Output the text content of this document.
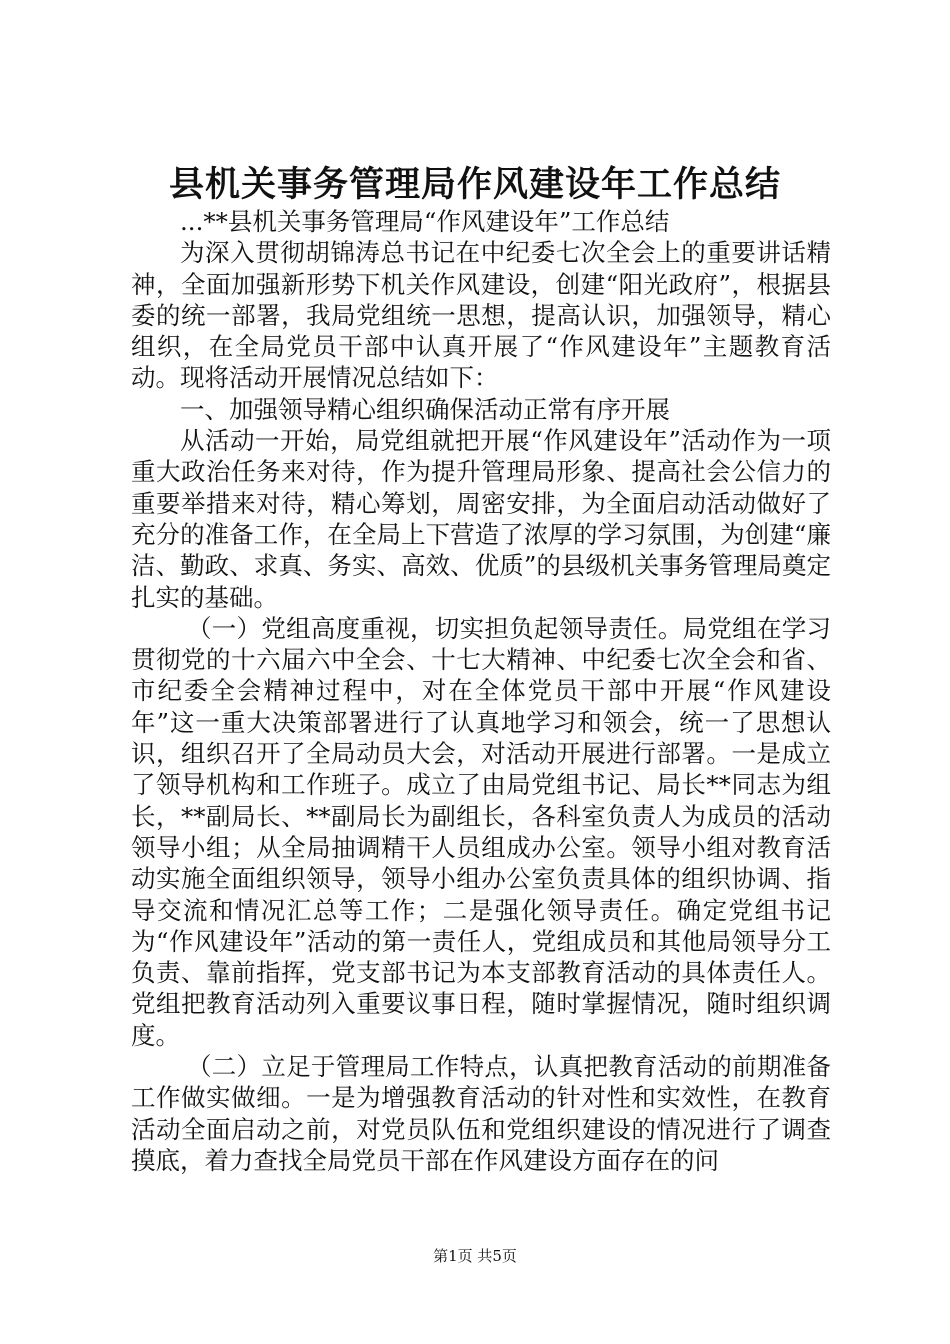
县机关事务管理局作风建设年工作总结

...**县机关事务管理局“作风建设年”工作总结

为深入贯彻胡锦涛总书记在中纪委七次全会上的重要讲话精神，全面加强新形势下机关作风建设，创建“阳光政府”，根据县委的统一部署，我局党组统一思想，提高认识，加强领导，精心组织，在全局党员干部中认真开展了“作风建设年”主题教育活动。现将活动开展情况总结如下：

一、加强领导精心组织确保活动正常有序开展

从活动一开始，局党组就把开展“作风建设年”活动作为一项重大政治任务来对待，作为提升管理局形象、提高社会公信力的重要举措来对待，精心筹划，周密安排，为全面启动活动做好了充分的准备工作，在全局上下营造了浓厚的学习氛围，为创建“廉洁、勤政、求真、务实、高效、优质”的县级机关事务管理局奠定扎实的基础。

（一）党组高度重视，切实担负起领导责任。局党组在学习贯彻党的十六届六中全会、十七大精神、中纪委七次全会和省、市纪委全会精神过程中，对在全体党员干部中开展“作风建设年”这一重大决策部署进行了认真地学习和领会，统一了思想认识，组织召开了全局动员大会，对活动开展进行部署。一是成立了领导机构和工作班子。成立了由局党组书记、局长**同志为组长，**副局长、**副局长为副组长，各科室负责人为成员的活动领导小组；从全局抽调精干人员组成办公室。领导小组对教育活动实施全面组织领导，领导小组办公室负责具体的组织协调、指导交流和情况汇总等工作；二是强化领导责任。确定党组书记为“作风建设年”活动的第一责任人，党组成员和其他局领导分工负责、靠前指挥，党支部书记为本支部教育活动的具体责任人。党组把教育活动列入重要议事日程，随时掌握情况，随时组织调度。

（二）立足于管理局工作特点，认真把教育活动的前期准备工作做实做细。一是为增强教育活动的针对性和实效性，在教育活动全面启动之前，对党员队伍和党组织建设的情况进行了调查摸底，着力查找全局党员干部在作风建设方面存在的问

第1页 共5页
